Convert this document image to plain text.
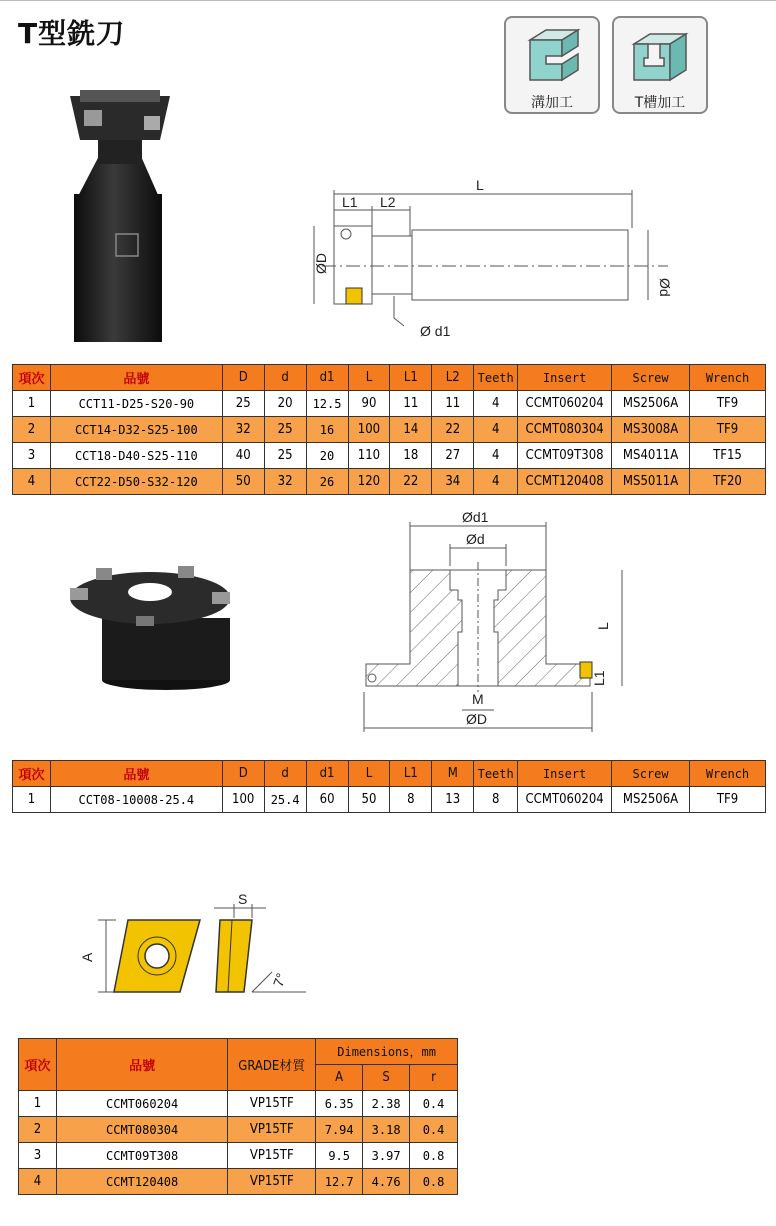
T型銑刀
溝加工	T槽加工
L
L1 L2
ØD
Ød
Ø d1
項次	品號	D	d	d1	L	L1	L2	Teeth	Insert	Screw	Wrench
1	CCT11-D25-S20-90	25	20	12.5	90	11	11	4	CCMT060204	MS2506A	TF9
2	CCT14-D32-S25-100	32	25	16	100	14	22	4	CCMT080304	MS3008A	TF9
3	CCT18-D40-S25-110	40	25	20	110	18	27	4	CCMT09T308	MS4011A	TF15
4	CCT22-D50-S32-120	50	32	26	120	22	34	4	CCMT120408	MS5011A	TF20
Ød1
Ød
L
L1
M
ØD
項次	品號	D	d	d1	L	L1	M	Teeth	Insert	Screw	Wrench
1	CCT08-10008-25.4	100	25.4	60	50	8	13	8	CCMT060204	MS2506A	TF9
S
A
7°
項次	品號	GRADE材質	Dimensions，mm		
			A	S	r
1	CCMT060204	VP15TF	6.35	2.38	0.4
2	CCMT080304	VP15TF	7.94	3.18	0.4
3	CCMT09T308	VP15TF	9.5	3.97	0.8
4	CCMT120408	VP15TF	12.7	4.76	0.8
